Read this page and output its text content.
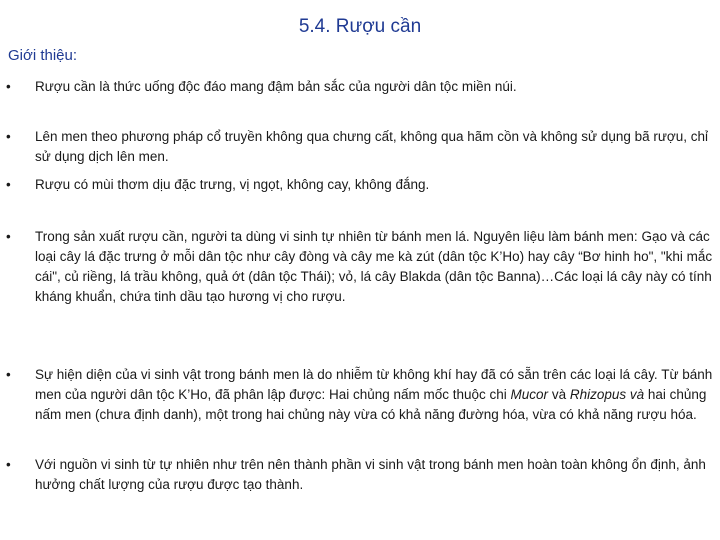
5.4. Rượu cần
Giới thiệu:
• Rượu cần là thức uống độc đáo mang đậm bản sắc của người dân tộc miền núi.
• Lên men theo phương pháp cổ truyền không qua chưng cất, không qua hãm cồn và không sử dụng bã rượu, chỉ sử dụng dịch lên men.
• Rượu có mùi thơm dịu đặc trưng, vị ngọt, không cay, không đắng.
• Trong sản xuất rượu cần, người ta dùng vi sinh tự nhiên từ bánh men lá. Nguyên liệu làm bánh men: Gạo và các loại cây lá đặc trưng ở mỗi dân tộc như cây đòng và cây me kà zút (dân tộc K’Ho) hay cây “Bơ hinh ho", "khi mắc cái", củ riềng, lá trầu không, quả ớt (dân tộc Thái); vỏ, lá cây Blakda (dân tộc Banna)…Các loại lá cây này có tính kháng khuẩn, chứa tinh dầu tạo hương vị cho rượu.
• Sự hiện diện của vi sinh vật trong bánh men là do nhiễm từ không khí hay đã có sẵn trên các loại lá cây. Từ bánh men của người dân tộc K’Ho, đã phân lập được: Hai chủng nấm mốc thuộc chi Mucor và Rhizopus và hai chủng nấm men (chưa định danh), một trong hai chủng này vừa có khả năng đường hóa, vừa có khả năng rượu hóa.
• Với nguồn vi sinh từ tự nhiên như trên nên thành phần vi sinh vật trong bánh men hoàn toàn không ổn định, ảnh hưởng chất lượng của rượu được tạo thành.
